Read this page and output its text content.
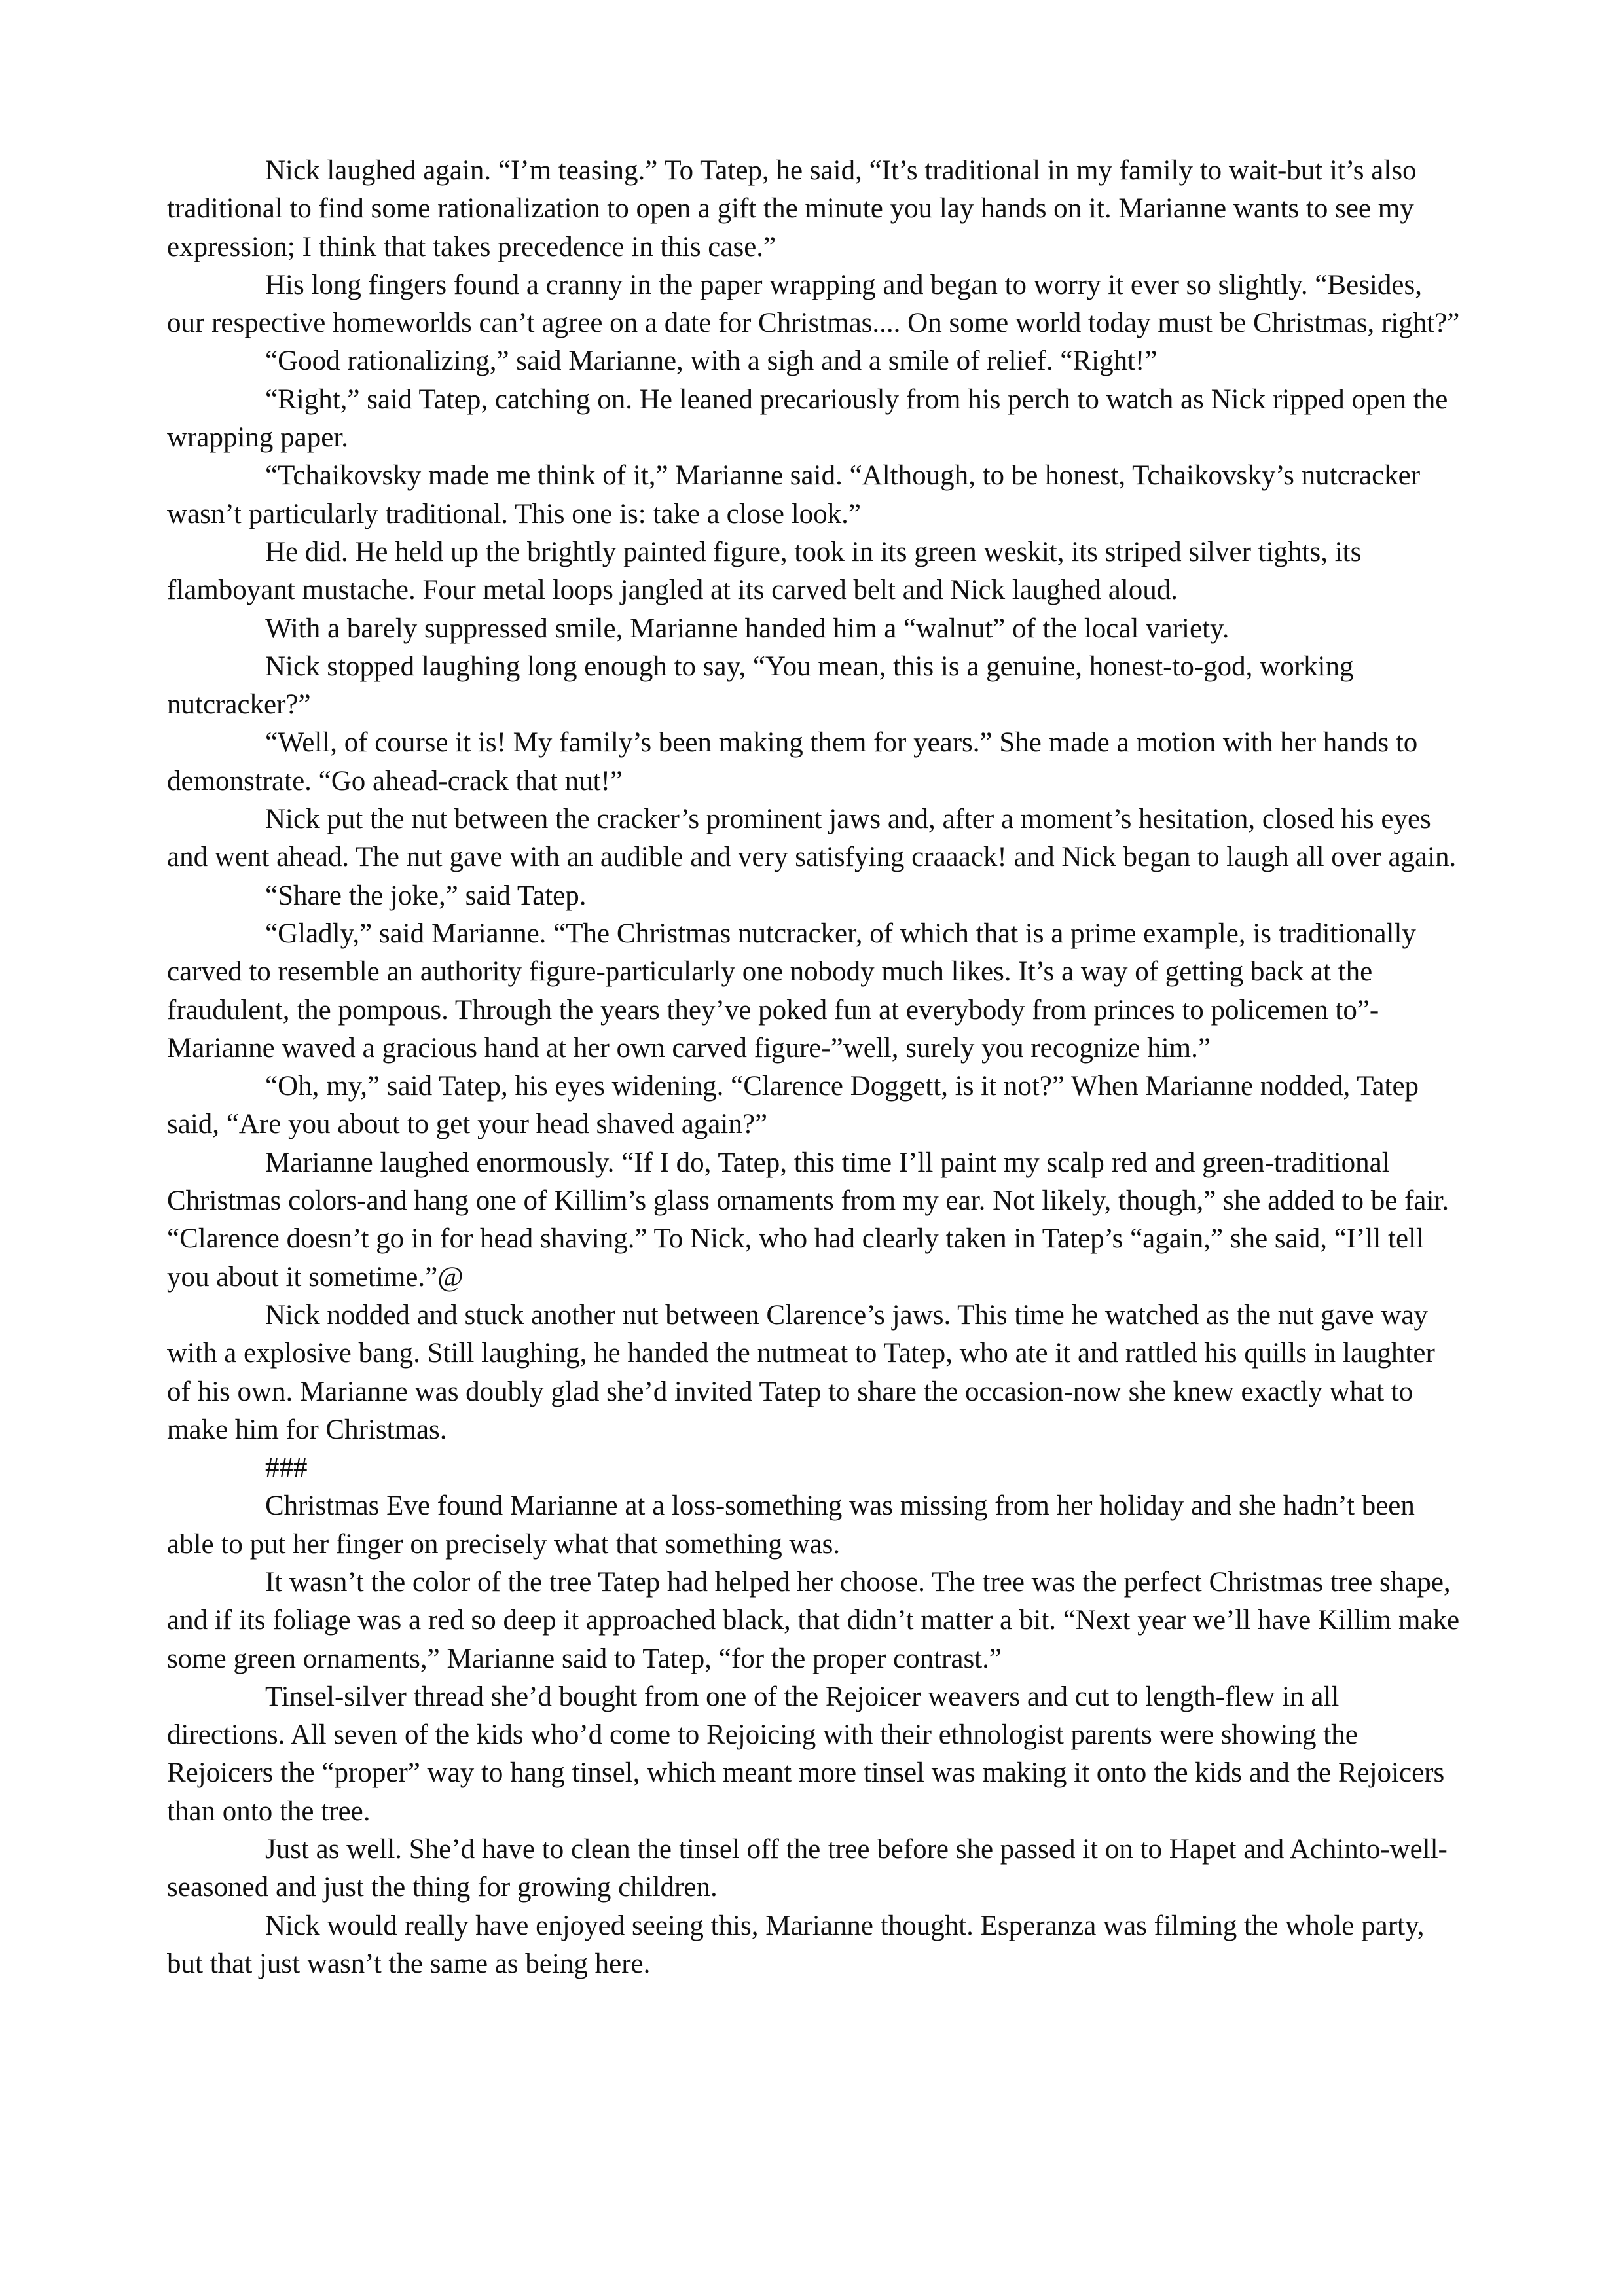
Nick laughed again. “I’m teasing.” To Tatep, he said, “It’s traditional in my family to wait-but it’s also traditional to find some rationalization to open a gift the minute you lay hands on it. Marianne wants to see my expression; I think that takes precedence in this case.”

His long fingers found a cranny in the paper wrapping and began to worry it ever so slightly. “Besides, our respective homeworlds can’t agree on a date for Christmas.... On some world today must be Christmas, right?”

“Good rationalizing,” said Marianne, with a sigh and a smile of relief. “Right!”

“Right,” said Tatep, catching on. He leaned precariously from his perch to watch as Nick ripped open the wrapping paper.

“Tchaikovsky made me think of it,” Marianne said. “Although, to be honest, Tchaikovsky’s nutcracker wasn’t particularly traditional. This one is: take a close look.”

He did. He held up the brightly painted figure, took in its green weskit, its striped silver tights, its flamboyant mustache. Four metal loops jangled at its carved belt and Nick laughed aloud.

With a barely suppressed smile, Marianne handed him a “walnut” of the local variety.

Nick stopped laughing long enough to say, “You mean, this is a genuine, honest-to-god, working nutcracker?”

“Well, of course it is! My family’s been making them for years.” She made a motion with her hands to demonstrate. “Go ahead-crack that nut!”

Nick put the nut between the cracker’s prominent jaws and, after a moment’s hesitation, closed his eyes and went ahead. The nut gave with an audible and very satisfying craaack! and Nick began to laugh all over again.

“Share the joke,” said Tatep.

“Gladly,” said Marianne. “The Christmas nutcracker, of which that is a prime example, is traditionally carved to resemble an authority figure-particularly one nobody much likes. It’s a way of getting back at the fraudulent, the pompous. Through the years they’ve poked fun at everybody from princes to policemen to”-Marianne waved a gracious hand at her own carved figure-”well, surely you recognize him.”

“Oh, my,” said Tatep, his eyes widening. “Clarence Doggett, is it not?” When Marianne nodded, Tatep said, “Are you about to get your head shaved again?”

Marianne laughed enormously. “If I do, Tatep, this time I’ll paint my scalp red and green-traditional Christmas colors-and hang one of Killim’s glass ornaments from my ear. Not likely, though,” she added to be fair. “Clarence doesn’t go in for head shaving.” To Nick, who had clearly taken in Tatep’s “again,” she said, “I’ll tell you about it sometime.”@

Nick nodded and stuck another nut between Clarence’s jaws. This time he watched as the nut gave way with a explosive bang. Still laughing, he handed the nutmeat to Tatep, who ate it and rattled his quills in laughter of his own. Marianne was doubly glad she’d invited Tatep to share the occasion-now she knew exactly what to make him for Christmas.

###

Christmas Eve found Marianne at a loss-something was missing from her holiday and she hadn’t been able to put her finger on precisely what that something was.

It wasn’t the color of the tree Tatep had helped her choose. The tree was the perfect Christmas tree shape, and if its foliage was a red so deep it approached black, that didn’t matter a bit. “Next year we’ll have Killim make some green ornaments,” Marianne said to Tatep, “for the proper contrast.”

Tinsel-silver thread she’d bought from one of the Rejoicer weavers and cut to length-flew in all directions. All seven of the kids who’d come to Rejoicing with their ethnologist parents were showing the Rejoicers the “proper” way to hang tinsel, which meant more tinsel was making it onto the kids and the Rejoicers than onto the tree.

Just as well. She’d have to clean the tinsel off the tree before she passed it on to Hapet and Achinto-well-seasoned and just the thing for growing children.

Nick would really have enjoyed seeing this, Marianne thought. Esperanza was filming the whole party, but that just wasn’t the same as being here.
